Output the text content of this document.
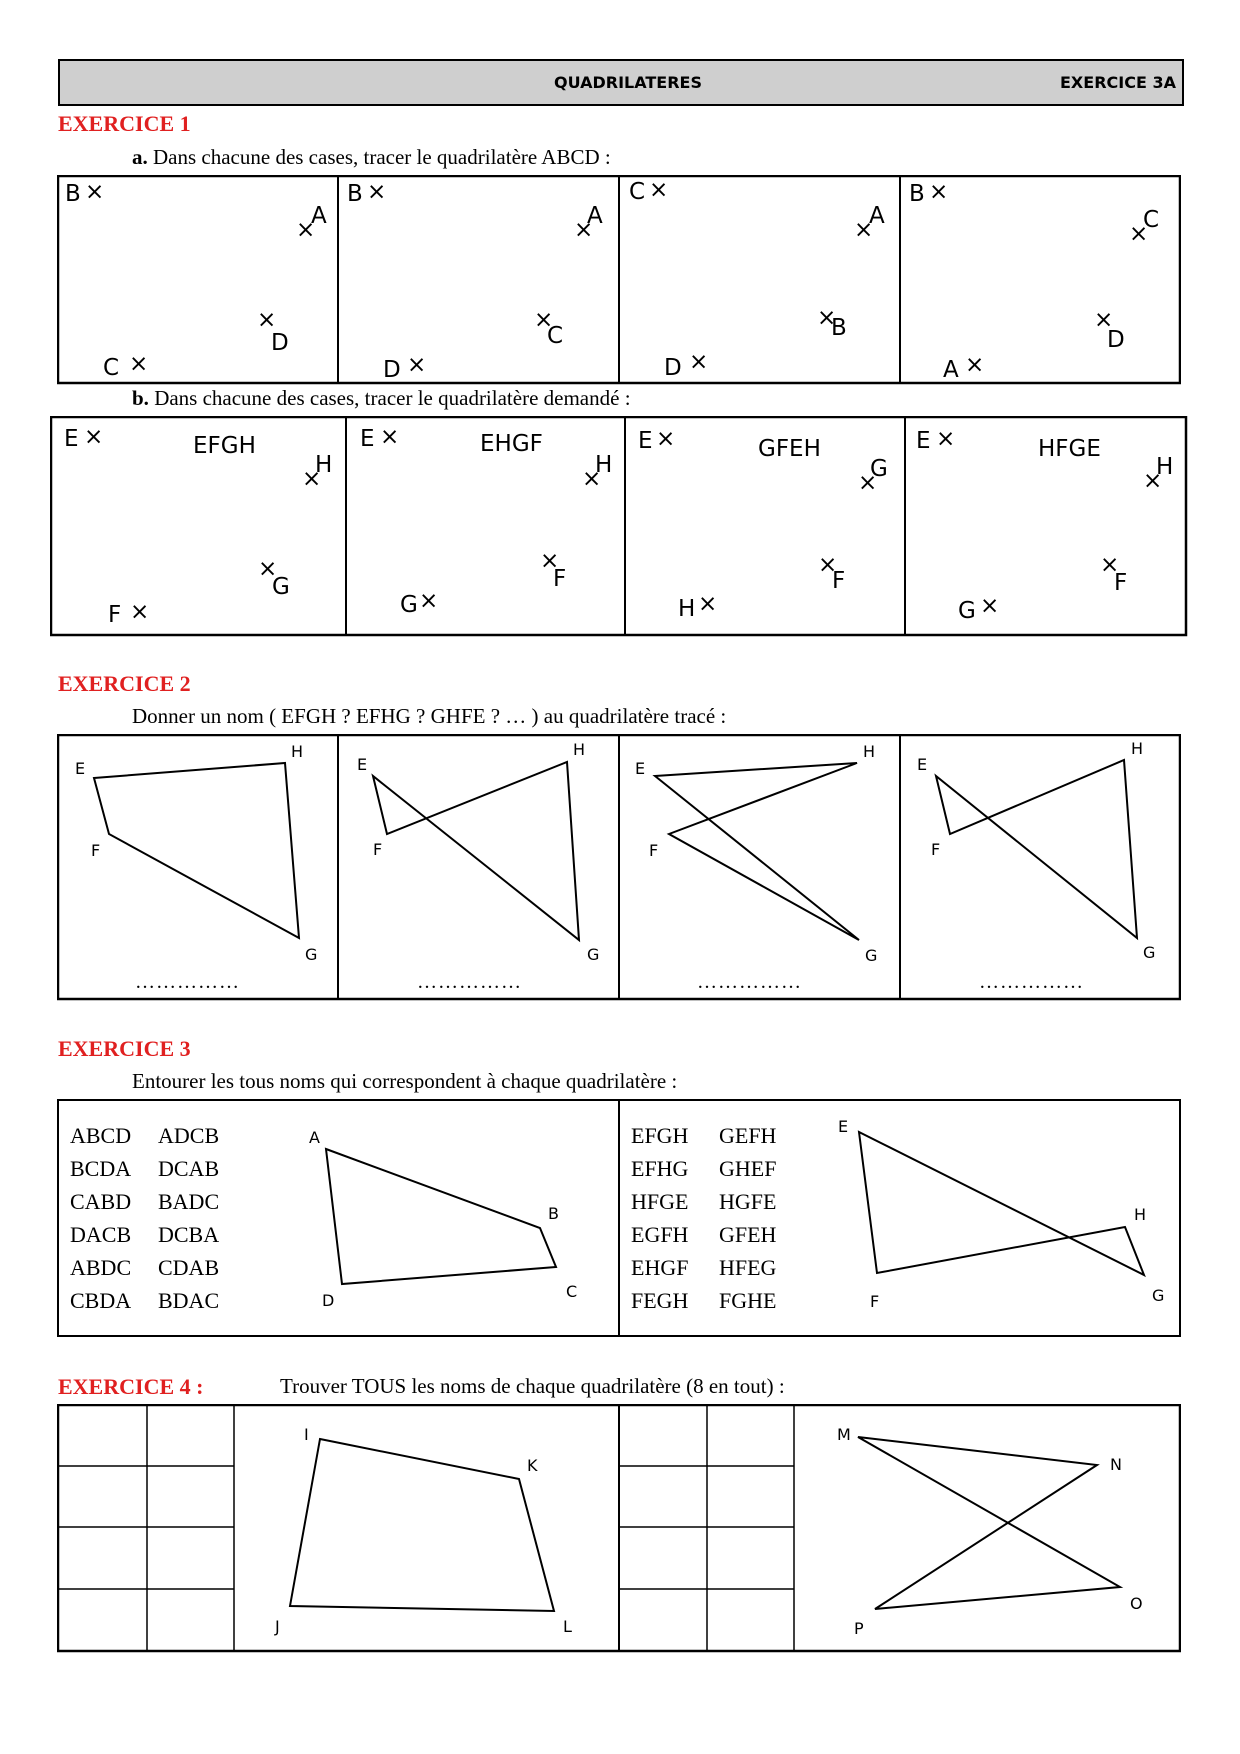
QUADRILATERES	EXERCICE 3A
EXERCICE 1
a. Dans chacune des cases, tracer le quadrilatère ABCD :
B ×
×
A
×
D
C ×
B ×
×
A
×
C
D ×
C ×
×
A
×
B
D ×
B ×
×
C
×
D
A ×
b. Dans chacune des cases, tracer le quadrilatère demandé :
E ×	EFGH
×
H
×
G
F ×
E ×	EHGF
×
H
×
F
G ×
E ×	GFEH
×
G
×
F
H ×
E ×	HFGE
×
H
×
F
G ×
EXERCICE 2
Donner un nom ( EFGH ? EFHG ? GHFE ? … ) au quadrilatère tracé :
E
H
F
G
……………
E
H
F
G
……………
E
H
F
G
……………
E
H
F
G
……………
EXERCICE 3
Entourer les tous noms qui correspondent à chaque quadrilatère :
ABCD ADCB
BCDA DCAB
CABD BADC
DACB DCBA
ABDC CDAB
CBDA BDAC
EFGH GEFH
EFHG GHEF
HFGE HGFE
EGFH GFEH
EHGF HFEG
FEGH FGHE
A
B
C
D
E
H
G
F
EXERCICE 4 :	Trouver TOUS les noms de chaque quadrilatère (8 en tout) :
I
K
L
J
M
N
O
P
